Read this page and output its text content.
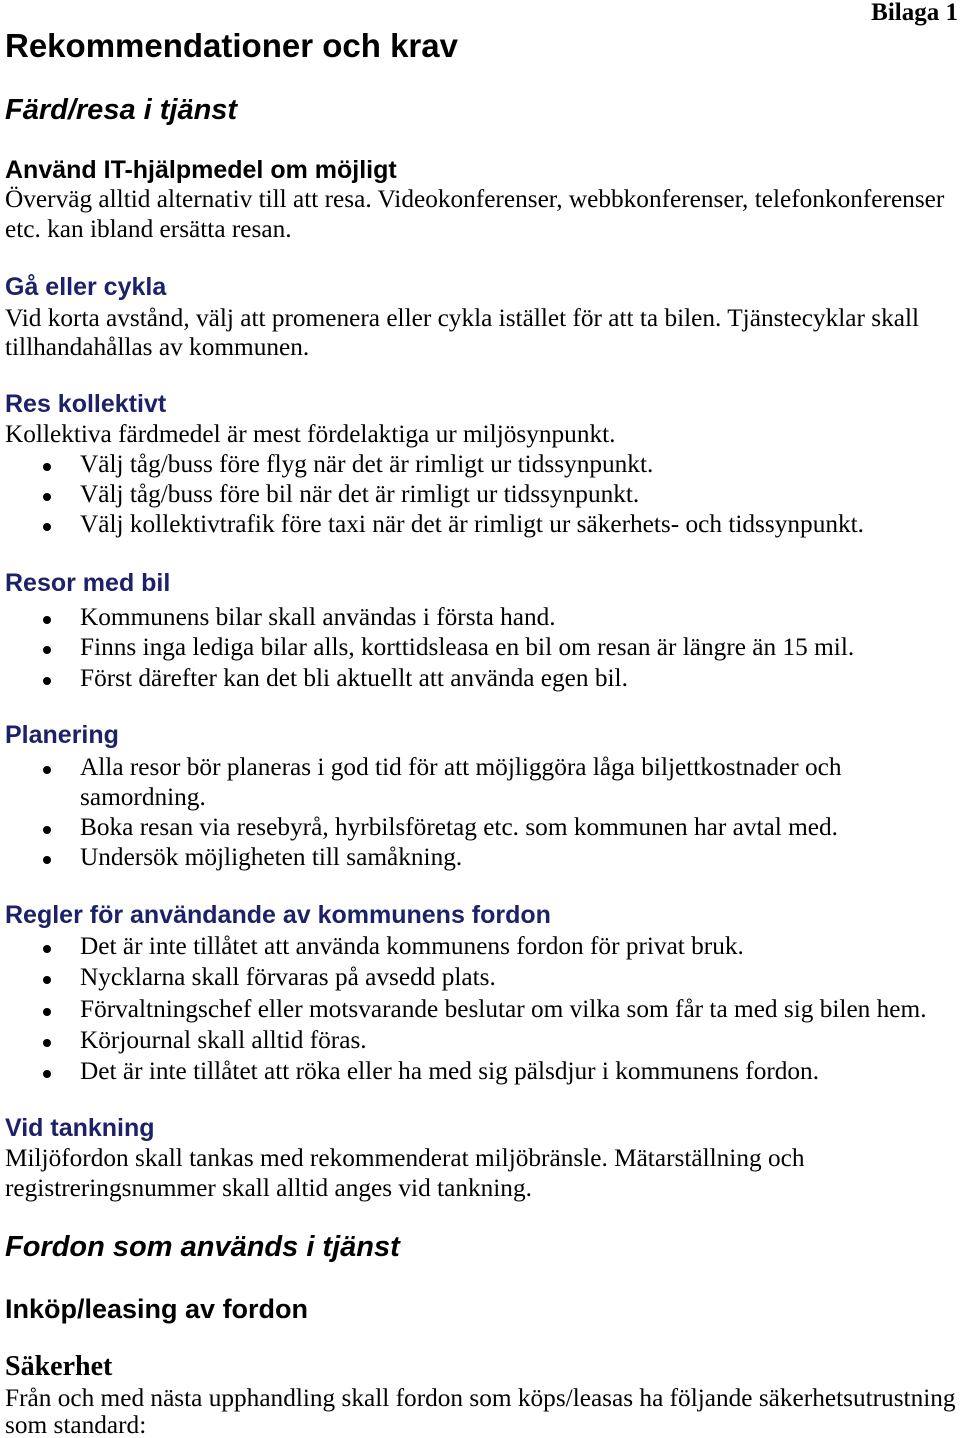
Bilaga 1
Rekommendationer och krav
Färd/resa i tjänst
Använd IT-hjälpmedel om möjligt

Överväg alltid alternativ till att resa. Videokonferenser, webbkonferenser, telefonkonferenser

etc. kan ibland ersätta resan.

Gå eller cykla

Vid korta avstånd, välj att promenera eller cykla istället för att ta bilen. Tjänstecyklar skall

tillhandahållas av kommunen.

Res kollektivt

Kollektiva färdmedel är mest fördelaktiga ur miljösynpunkt.

Välj tåg/buss före flyg när det är rimligt ur tidssynpunkt.
Välj tåg/buss före bil när det är rimligt ur tidssynpunkt.
Välj kollektivtrafik före taxi när det är rimligt ur säkerhets- och tidssynpunkt.
Resor med bil
Kommunens bilar skall användas i första hand.
Finns inga lediga bilar alls, korttidsleasa en bil om resan är längre än 15 mil.
Först därefter kan det bli aktuellt att använda egen bil.
Planering
Alla resor bör planeras i god tid för att möjliggöra låga biljettkostnader och
samordning.
Boka resan via resebyrå, hyrbilsföretag etc. som kommunen har avtal med.
Undersök möjligheten till samåkning.
Regler för användande av kommunens fordon
Det är inte tillåtet att använda kommunens fordon för privat bruk.
Nycklarna skall förvaras på avsedd plats.
Förvaltningschef eller motsvarande beslutar om vilka som får ta med sig bilen hem.
Körjournal skall alltid föras.
Det är inte tillåtet att röka eller ha med sig pälsdjur i kommunens fordon.
Vid tankning

Miljöfordon skall tankas med rekommenderat miljöbränsle. Mätarställning och

registreringsnummer skall alltid anges vid tankning.

Fordon som används i tjänst
Inköp/leasing av fordon
Säkerhet

Från och med nästa upphandling skall fordon som köps/leasas ha följande säkerhetsutrustning

som standard:
